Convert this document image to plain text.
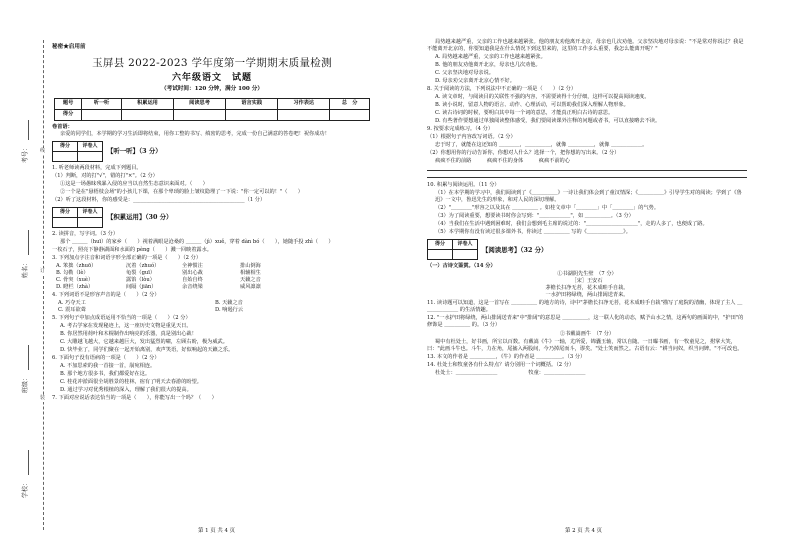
考号：
姓名：
班级：
学校：
线
订
装
秘密★启用前
玉屏县 2022-2023 学年度第一学期期末质量检测
六年级语文　试题
（考试时间：120 分钟，满分 100 分）
题号	听一听	积累运用	阅读思考	语言实践	习作表达	总　分
得分						
卷首语：
亲爱的同学们，本学期的学习生活即将结束，用你工整的书写、缜密的思考，完成一份自己满意的答卷吧！祝你成功！
得分	评卷人

【听一听】（3 分）
1. 听老师读两段材料，完成下列题目。
（1）判断，对的打"√"，错的打"×"。（2 分）
①这是一场愚昧残暴入侵的应当以自然生态意识来面对。（　　）
②一个是在"悬梧枝会场"的小孩儿下课，在那个卑琐的脸上皱纹隐埋了一下说："你一定可以的！"（　　）
（2）听了这段材料，你的感受是：___________________________________________（1 分）
得分	评卷人

【积累运用】（30 分）
2. 读拼音，写字词。（3 分）
那个 ＿＿＿（huī）的家乡（　　）视着满眼是沧桑的 ＿＿＿（jì）xuě，穿着 dàn bó（　　），她随手投 zhì（　　）
一枚石子，照亮下静静湖面和水面的 pèng（　　）溅一回映着露水。
3. 下列加点字注音和词语字形全部正确的一项是（　　）（2 分）
A. 笨拙（zhuō）	沉着（zhuó）	全神惯注	排山倒海
B. 勾勒（lè）	龟裂（guī）	别出心裁	相辅相生
C. 骨突（xuè）	露馅（lòu）	自始自终	天籁之音
D. 瞪栏（zhà）	间隔（jiān）	余音绕梁	威风凛凛
4. 下列词语不是形容声音的是（　　）（2 分）
A. 巧夺天工	B. 天籁之音
C. 震耳欲聋	D. 响遏行云
5. 下列句子中加点成语运用不恰当的一项是（　　）（2 分）
A. 考古学家在发现秘迹上，这一座历史文物是重见天日。
B. 你居然用荷叶和木棍制作出响亮的乐器，真是别出心裁！
C. 大雕越飞越大，它越来越巨大，发出猛烈的啸，左顾右盼，极为威武。
D. 快毕业了，同学们聚在一起开始离别，欢声笑语，好似响起的天籁之乐。
6. 下面句子没有语病的一项是（　　）（2 分）
A. 不加思索的我一首接一首，崩宛相连。
B. 那个地方很多书，我们都爱好在这。
C. 桂花冲淤面很全胡胜景的桂林，宿有了明天去春游的盼望。
D. 通过学习对优秀根植的深入，理解了我们很大的提高。
7. 下面对应说话表达恰当的一项是（　　），你能写出一个吗？（　　）
局势越来越严重，父亲的工作也越来越紧张。他的朋友劝他离开北京，母亲也几次劝他。父亲坚决地对母亲说："不是常对你说过？我是不能离开北京的，你要知道我是在什么情况下到这里来的，这里的工作多么重要，我怎么能离开呢？"
A. 局势越来越严重，父亲的工作也越来越紧张。
B. 他的朋友劝他离开北京，母亲也几次劝他。
C. 父亲坚决地对母亲说。
D. 母亲劝父亲离开北京心情不好。
8. 关于阅读的方法，下列说法中不正确的一项是（　　）（2 分）
A. 读文章时，与阅读目的关联性不强的内容，不需要读得十分仔细，这样可以提高阅读速度。
B. 读小说时，留意人物的语言、动作、心理活动，可以帮助我们深入理解人物形象。
C. 读古诗词的时候，要明白其中每一个词的意思，才能真正明白古诗的意思。
D. 有些著作要想通过单独阅读整体感受，我们要阅读课外注释的问题或者书，可以直接略去不读。
9. 按要求完成练习。（4 分）
（1）根据句子内容改写词语。（2 分）
忠于时了，就能在这还知的 ＿＿＿＿，＿＿＿＿＿，就像 ＿＿＿＿＿，就像 ＿＿＿＿＿＿。
（2）你想用你的行动告诉你，你想对人什么？选择一个，把你想的写出来。（2 分）
疯疯不住的前路　　　疯疯不住的身体　　　疯疯不前的心
10. 积累与阅读运用。（11 分）
（1）在本学期的学习中，我们阅读到了《＿＿＿＿＿》一诗让我们体会到了童汉情深；《＿＿＿＿＿》引导学生对的阅读；学到了《鲁迅》一文中，鲁迅先生的形象，和对人民的深切理解。
（2）"＿＿＿＿"形容之以及其在 ＿＿＿＿＿ 。如桂文章中「＿＿＿＿」中「＿＿＿＿」的气势。
（3）为了阅读重要，想要读书时你会写到："＿＿＿＿＿＿"，如 ＿＿＿＿＿。（3 分）
（4）当我们在生活中遇到困难时，我们会想到毛主席的说过的："＿＿＿＿＿＿＿＿＿＿"，走的人多了，也便成了路。
（5）本学期你有没有读过很多课外书，你读过 ＿＿＿＿＿ 写的《＿＿＿＿＿＿＿》。
得分	评卷人

【阅读思考】（32 分）
（一）古诗文鉴赏。（14 分）
①书湖阴先生壁　（7 分）
［宋］王安石
茅檐长扫净无苔，花木成畦手自栽。
一水护田将绿绕，两山排闼送青来。
11. 读诗题可以知道，这是一首写在 ＿＿＿＿＿ 的地方的诗，诗中"茅檐长扫净无苔，花木成畦手自栽"描写了庭院的清幽，体现了主人 ＿＿＿＿＿＿＿ 的生活情趣。
12. "一水护田将绿绕，两山排闼送青来"中"排闼"的意思是 ＿＿＿＿＿，这一联人化的动态，赋予山水之情，这两句的画面的中，"护田"的修饰是 ＿＿＿＿＿ 的。（3 分）
②书戴嵩画牛　（7 分）
蜀中有杜处士，好书画，所宝以百数。有戴嵩《牛》一轴，尤所爱，锦囊玉轴，常以自随。一日曝书画，有一牧童见之，拊掌大笑，曰："此画斗牛也。斗牛，力在角，尾搐入两股间，今乃掉尾而斗，谬矣。"处士笑而然之。古语有云："耕当问奴，织当问婢。"不可改也。
13. 本文的作者是 ＿＿＿＿＿，《牛》的作者是 ＿＿＿＿＿。（3 分）
14. 杜处士和牧童各有什么特点？请分别用一个词概括。（2 分）
杜处士：＿＿＿＿＿＿＿＿　　　　　　牧童：＿＿＿＿＿＿＿＿
第 1 页 共 4 页	第 2 页 共 4 页
